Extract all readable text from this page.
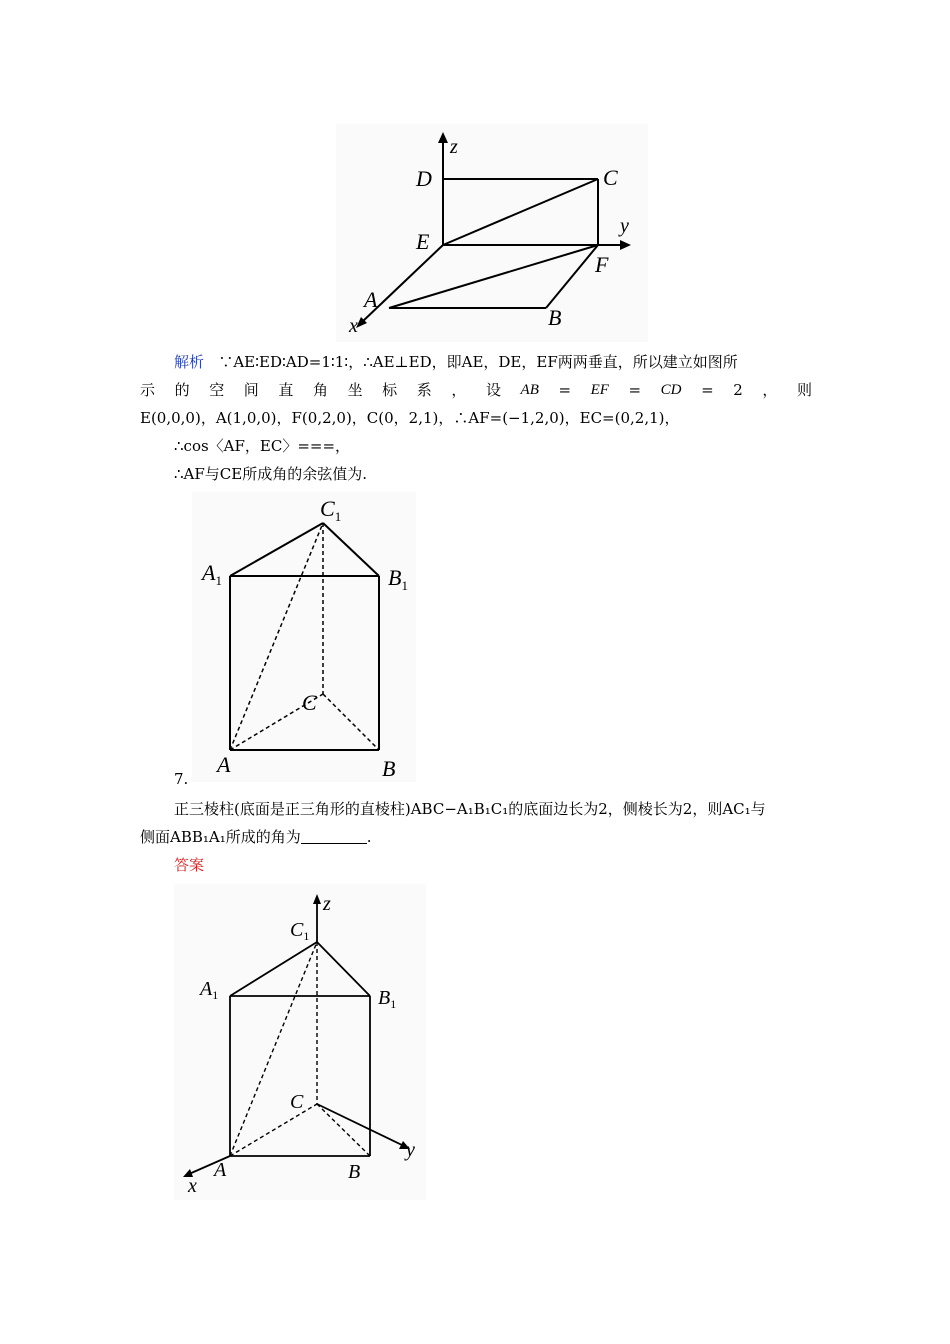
z
y
x
D	C
E
F
A
B
解析 ∵AE∶ED∶AD=1∶1∶，∴AE⊥ED，即AE，DE，EF两两垂直，所以建立如图所
示 的 空 间 直 角 坐 标 系 ， 设 AB = EF = CD = 2 ， 则
E(0,0,0)，A(1,0,0)，F(0,2,0)，C(0，2,1)，∴AF=(−1,2,0)，EC=(0,2,1)，
∴cos〈AF，EC〉===，
∴AF与CE所成角的余弦值为.
$C_1$
$A_1$	$B_1$
C
A	B
7.
正三棱柱(底面是正三角形的直棱柱)ABC−A₁B₁C₁的底面边长为2，侧棱长为2，则AC₁与
侧面ABB₁A₁所成的角为	.
答案
z
y
x
$C_1$
$A_1$	$B_1$
C
A	B
